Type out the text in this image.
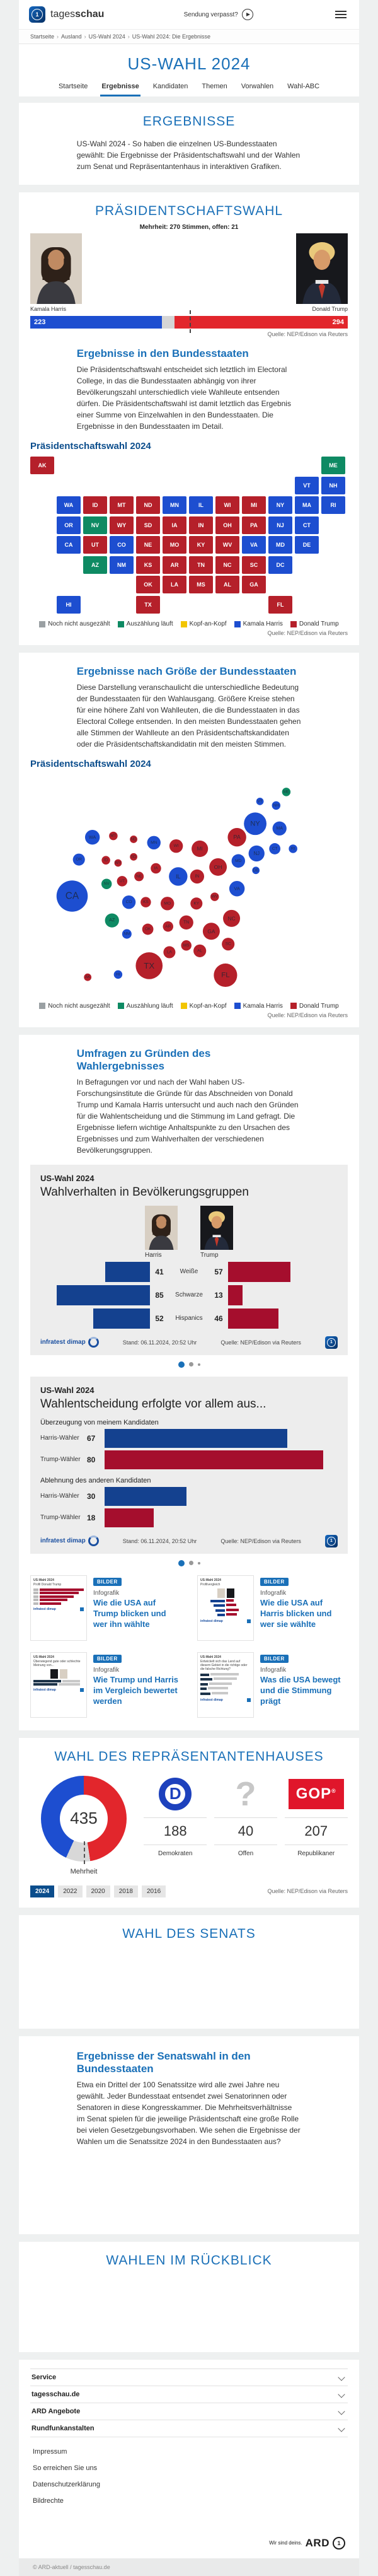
1	tagesschau	Sendung verpasst?
Startseite › Ausland › US-Wahl 2024 › US-Wahl 2024: Die Ergebnisse
US-WAHL 2024
Startseite Ergebnisse Kandidaten Themen Vorwahlen Wahl-ABC
ERGEBNISSE

US-Wahl 2024 - So haben die einzelnen US-Bundesstaaten gewählt: Die Ergebnisse der Präsidentschaftswahl und der Wahlen zum Senat und Repräsentantenhaus in interaktiven Grafiken.

PRÄSIDENTSCHAFTSWAHL
Mehrheit: 270 Stimmen, offen: 21
Kamala Harris	Donald Trump
223	294
Quelle: NEP/Edison via Reuters
Ergebnisse in den Bundesstaaten

Die Präsidentschaftswahl entscheidet sich letztlich im Electoral College, in das die Bundesstaaten abhängig von ihrer Bevölkerungszahl unterschiedlich viele Wahlleute entsenden dürfen. Die Präsidentschaftswahl ist damit letztlich das Ergebnis einer Summe von Einzelwahlen in den Bundesstaaten. Die Ergebnisse in den Bundesstaaten im Detail.

Präsidentschaftswahl 2024
AK	ME
VT	NH
WA	ID	MT	ND	MN	IL	WI	MI	NY	MA	RI
OR	NV	WY	SD	IA	IN	OH	PA	NJ	CT
CA	UT	CO	NE	MO	KY	WV	VA	MD	DE
AZ	NM	KS	AR	TN	NC	SC	DC
OK	LA	MS	AL	GA
HI	TX	FL
Noch nicht ausgezählt	Auszählung läuft	Kopf-an-Kopf	Kamala Harris	Donald Trump
Quelle: NEP/Edison via Reuters
Ergebnisse nach Größe der Bundesstaaten

Diese Darstellung veranschaulicht die unterschiedliche Bedeutung der Bundesstaaten für den Wahlausgang. Größere Kreise stehen für eine höhere Zahl von Wahlleuten, die die Bundesstaaten in das Electoral College entsenden. In den meisten Bundesstaaten gehen alle Stimmen der Wahlleute an den Präsidentschaftskandidaten oder die Präsidentschaftskandidatin mit den meisten Stimmen.

Präsidentschaftswahl 2024
ME
VT
NH
NY
MA
PA
NJ
CT	RI
WA	MT
ND
MN
WI	MI
OR	ID
WY
SD
IA	OH
MD
DE
NE	IL	IN
NV
UT
CA
CO	KS	MO	KY
WV
VA
AZ
NM
OK
AR
TN
NC
GA
SC
MS
AL
LA
TX
FL
AK
HI
Noch nicht ausgezählt	Auszählung läuft	Kopf-an-Kopf	Kamala Harris	Donald Trump
Quelle: NEP/Edison via Reuters
Umfragen zu Gründen des Wahlergebnisses

In Befragungen vor und nach der Wahl haben US-Forschungsinstitute die Gründe für das Abschneiden von Donald Trump und Kamala Harris untersucht und auch nach den Gründen für die Wahlentscheidung und die Stimmung im Land gefragt. Die Ergebnisse liefern wichtige Anhaltspunkte zu den Ursachen des Ergebnisses und zum Wahlverhalten der verschiedenen Bevölkerungsgruppen.

US-Wahl 2024
Wahlverhalten in Bevölkerungsgruppen
Harris	Trump
41	Weiße	57
85	Schwarze	13
52	Hispanics	46
infratest dimap	Stand: 06.11.2024, 20:52 Uhr	Quelle: NEP/Edison via Reuters	1
US-Wahl 2024
Wahlentscheidung erfolgte vor allem aus...
Überzeugung von meinem Kandidaten
Harris-Wähler	67
Trump-Wähler 80
Ablehnung des anderen Kandidaten
Harris-Wähler	30
Trump-Wähler 18
infratest dimap	Stand: 06.11.2024, 20:52 Uhr	Quelle: NEP/Edison via Reuters	1
US-Wahl 2024
Profil Donald Trump
infratest dimap
BILDER
Infografik
Wie die USA auf Trump blicken und wer ihn wählte
US-Wahl 2024
Profilvergleich
infratest dimap
BILDER
Infografik
Wie die USA auf Harris blicken und wer sie wählte
US-Wahl 2024
Überwiegend gute oder schlechte Meinung von...
infratest dimap
BILDER
Infografik
Wie Trump und Harris im Vergleich bewertet werden
US-Wahl 2024
Entwickelt sich das Land auf diesem Gebiet in die richtige oder die falsche Richtung?
infratest dimap
BILDER
Infografik
Was die USA bewegt und die Stimmung prägt
WAHL DES REPRÄSENTANTENHAUSES
435
Mehrheit
D
188
Demokraten
?
40
Offen
GOP®
207
Republikaner
2024	2022	2020	2018	2016	Quelle: NEP/Edison via Reuters
WAHL DES SENATS
Ergebnisse der Senatswahl in den Bundesstaaten

Etwa ein Drittel der 100 Senatssitze wird alle zwei Jahre neu gewählt. Jeder Bundesstaat entsendet zwei Senatorinnen oder Senatoren in diese Kongresskammer. Die Mehrheitsverhältnisse im Senat spielen für die jeweilige Präsidentschaft eine große Rolle bei vielen Gesetzgebungsvorhaben. Wie sehen die Ergebnisse der Wahlen um die Senatssitze 2024 in den Bundesstaaten aus?

WAHLEN IM RÜCKBLICK
Service
tagesschau.de
ARD Angebote
Rundfunkanstalten
Impressum
So erreichen Sie uns
Datenschutzerklärung
Bildrechte
Wir sind deins. ARD	1
© ARD-aktuell / tagesschau.de
